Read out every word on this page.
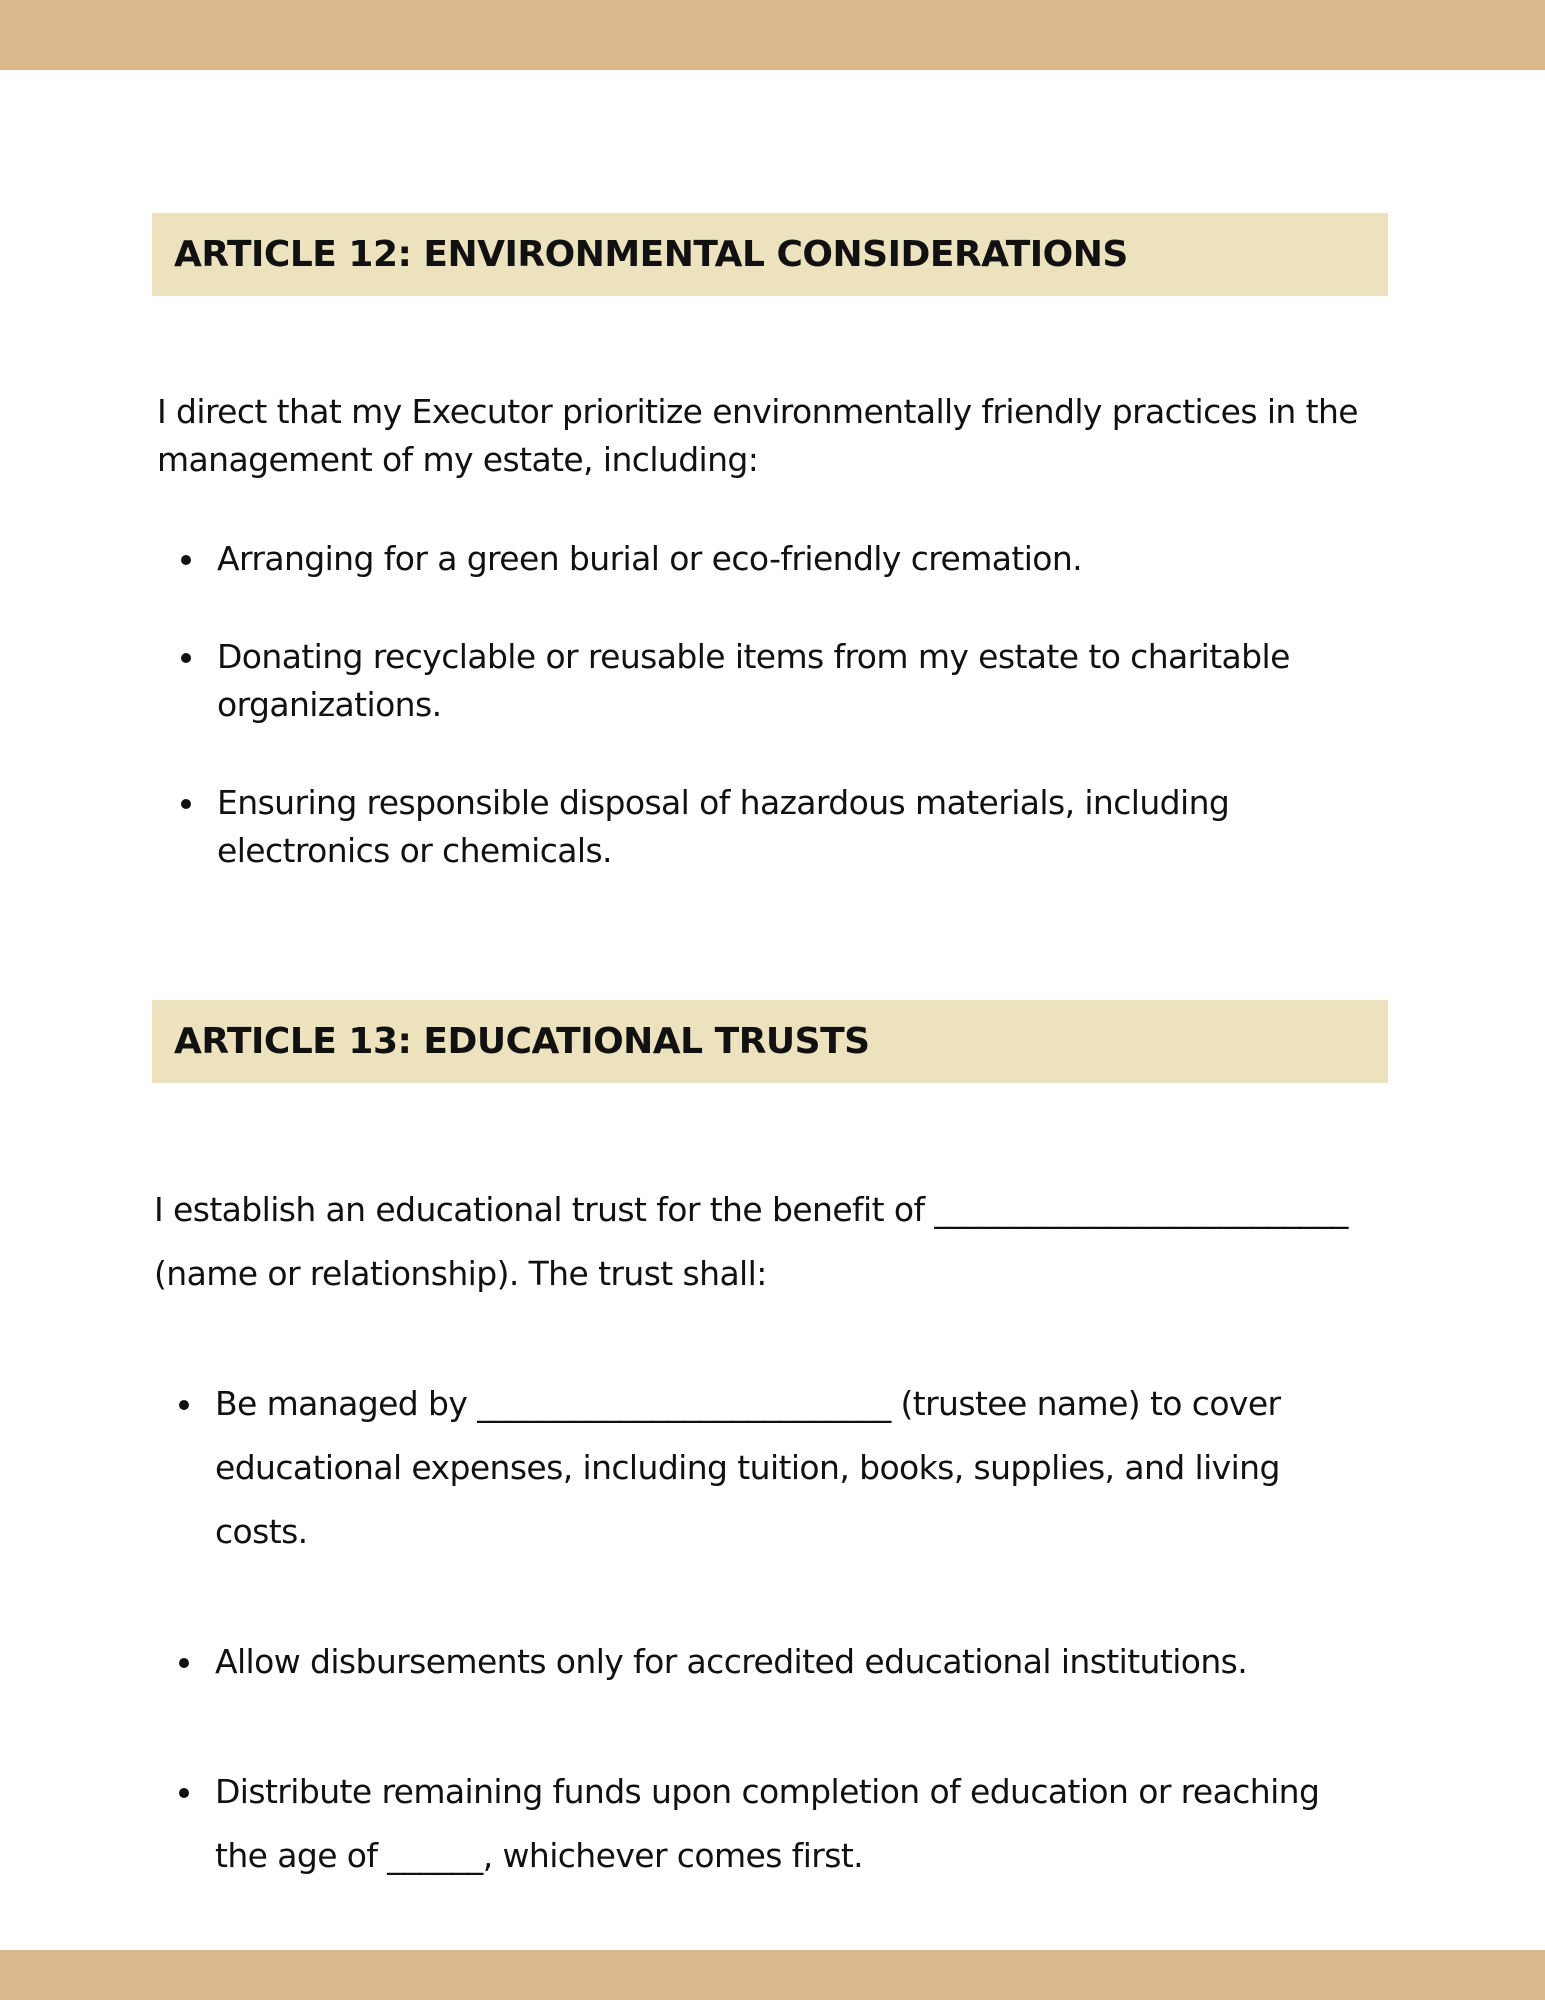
ARTICLE 12: ENVIRONMENTAL CONSIDERATIONS

I direct that my Executor prioritize environmentally friendly practices in the management of my estate, including:

Arranging for a green burial or eco-friendly cremation.
Donating recyclable or reusable items from my estate to charitable organizations.
Ensuring responsible disposal of hazardous materials, including electronics or chemicals.
ARTICLE 13: EDUCATIONAL TRUSTS

I establish an educational trust for the benefit of __________________________ (name or relationship). The trust shall:

Be managed by __________________________ (trustee name) to cover educational expenses, including tuition, books, supplies, and living costs.
Allow disbursements only for accredited educational institutions.
Distribute remaining funds upon completion of education or reaching the age of ______, whichever comes first.
